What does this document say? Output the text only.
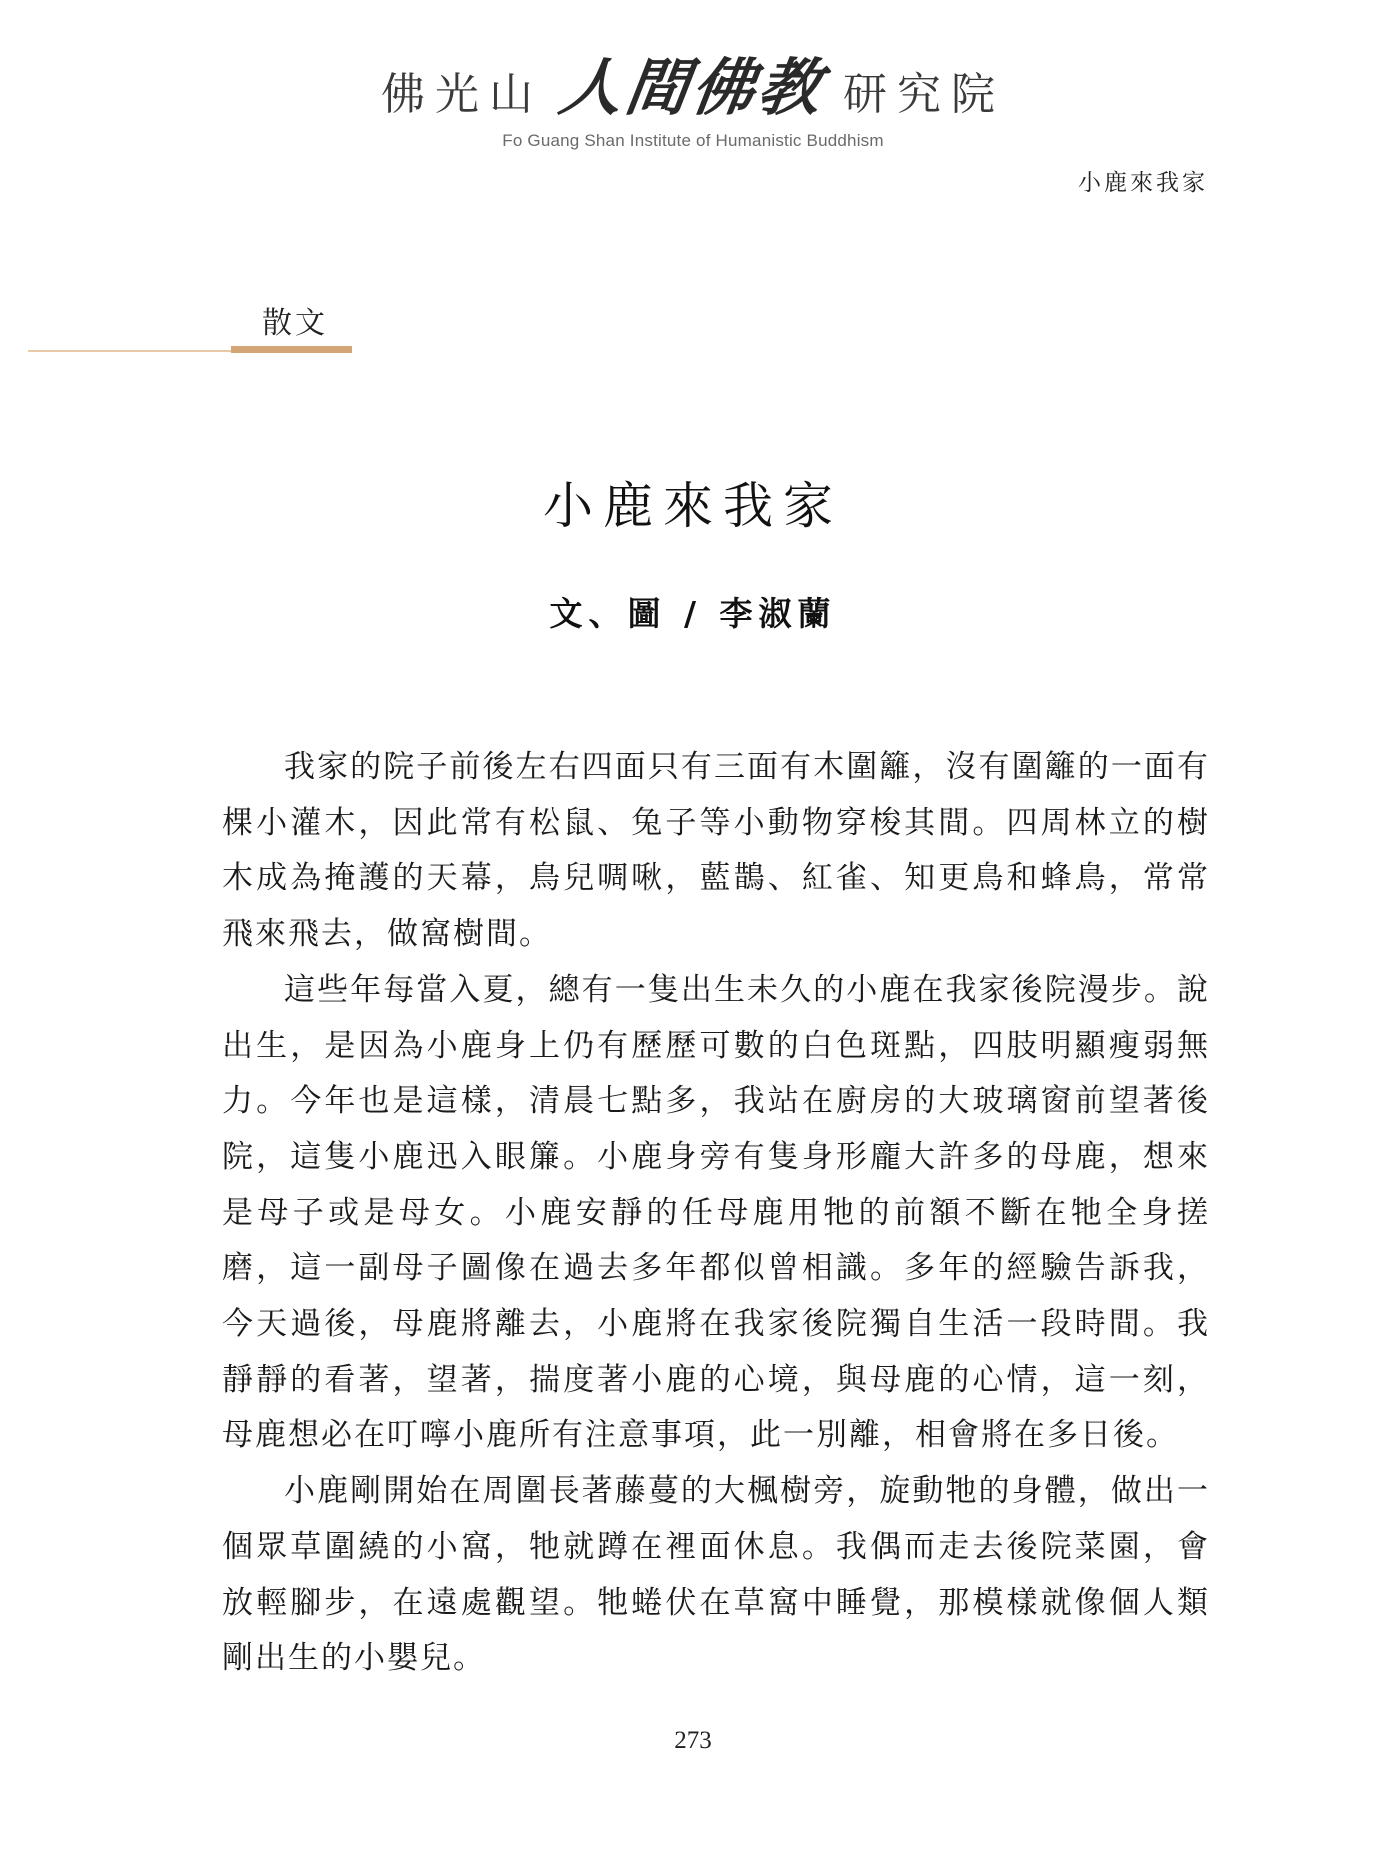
佛光山 人間佛教 研究院
Fo Guang Shan Institute of Humanistic Buddhism
小鹿來我家
散文
小鹿來我家
文、圖 / 李淑蘭

我家的院子前後左右四面只有三面有木圍籬，沒有圍籬的一面有棵小灌木，因此常有松鼠、兔子等小動物穿梭其間。四周林立的樹木成為掩護的天幕，鳥兒啁啾，藍鵲、紅雀、知更鳥和蜂鳥，常常飛來飛去，做窩樹間。

這些年每當入夏，總有一隻出生未久的小鹿在我家後院漫步。說出生，是因為小鹿身上仍有歷歷可數的白色斑點，四肢明顯瘦弱無力。今年也是這樣，清晨七點多，我站在廚房的大玻璃窗前望著後院，這隻小鹿迅入眼簾。小鹿身旁有隻身形龐大許多的母鹿，想來是母子或是母女。小鹿安靜的任母鹿用牠的前額不斷在牠全身搓磨，這一副母子圖像在過去多年都似曾相識。多年的經驗告訴我，今天過後，母鹿將離去，小鹿將在我家後院獨自生活一段時間。我靜靜的看著，望著，揣度著小鹿的心境，與母鹿的心情，這一刻，母鹿想必在叮嚀小鹿所有注意事項，此一別離，相會將在多日後。

小鹿剛開始在周圍長著藤蔓的大楓樹旁，旋動牠的身體，做出一個眾草圍繞的小窩，牠就蹲在裡面休息。我偶而走去後院菜園，會放輕腳步，在遠處觀望。牠蜷伏在草窩中睡覺，那模樣就像個人類剛出生的小嬰兒。

273
